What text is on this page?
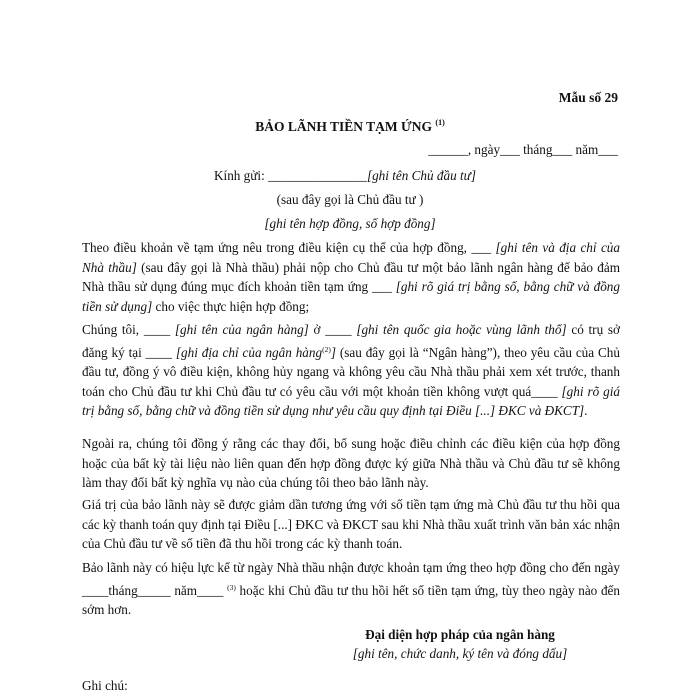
Mẫu số 29
BẢO LÃNH TIỀN TẠM ỨNG $^{(1)}$
______, ngày___ tháng___ năm___
Kính gửi: _______________[ghi tên Chủ đầu tư]
(sau đây gọi là Chủ đầu tư )
[ghi tên hợp đồng, số hợp đồng]
Theo điều khoản về tạm ứng nêu trong điều kiện cụ thể của hợp đồng, ___ [ghi tên và địa chỉ của Nhà thầu] (sau đây gọi là Nhà thầu) phải nộp cho Chủ đầu tư một bảo lãnh ngân hàng để bảo đảm Nhà thầu sử dụng đúng mục đích khoản tiền tạm ứng ___ [ghi rõ giá trị bằng số, bằng chữ và đồng tiền sử dụng] cho việc thực hiện hợp đồng;
Chúng tôi, ____ [ghi tên của ngân hàng] ở ____ [ghi tên quốc gia hoặc vùng lãnh thổ] có trụ sở đăng ký tại ____ [ghi địa chỉ của ngân hàng$^{(2)}$] (sau đây gọi là “Ngân hàng”), theo yêu cầu của Chủ đầu tư, đồng ý vô điều kiện, không hủy ngang và không yêu cầu Nhà thầu phải xem xét trước, thanh toán cho Chủ đầu tư khi Chủ đầu tư có yêu cầu với một khoản tiền không vượt quá____ [ghi rõ giá trị bằng số, bằng chữ và đồng tiền sử dụng như yêu cầu quy định tại Điều [...] ĐKC và ĐKCT].
Ngoài ra, chúng tôi đồng ý rằng các thay đổi, bổ sung hoặc điều chỉnh các điều kiện của hợp đồng hoặc của bất kỳ tài liệu nào liên quan đến hợp đồng được ký giữa Nhà thầu và Chủ đầu tư sẽ không làm thay đổi bất kỳ nghĩa vụ nào của chúng tôi theo bảo lãnh này.
Giá trị của bảo lãnh này sẽ được giảm dần tương ứng với số tiền tạm ứng mà Chủ đầu tư thu hồi qua các kỳ thanh toán quy định tại Điều [...] ĐKC và ĐKCT sau khi Nhà thầu xuất trình văn bản xác nhận của Chủ đầu tư về số tiền đã thu hồi trong các kỳ thanh toán.
Bảo lãnh này có hiệu lực kể từ ngày Nhà thầu nhận được khoản tạm ứng theo hợp đồng cho đến ngày ____tháng_____ năm____ $^{(3)}$ hoặc khi Chủ đầu tư thu hồi hết số tiền tạm ứng, tùy theo ngày nào đến sớm hơn.
Đại diện hợp pháp của ngân hàng
[ghi tên, chức danh, ký tên và đóng dấu]
Ghi chú:
